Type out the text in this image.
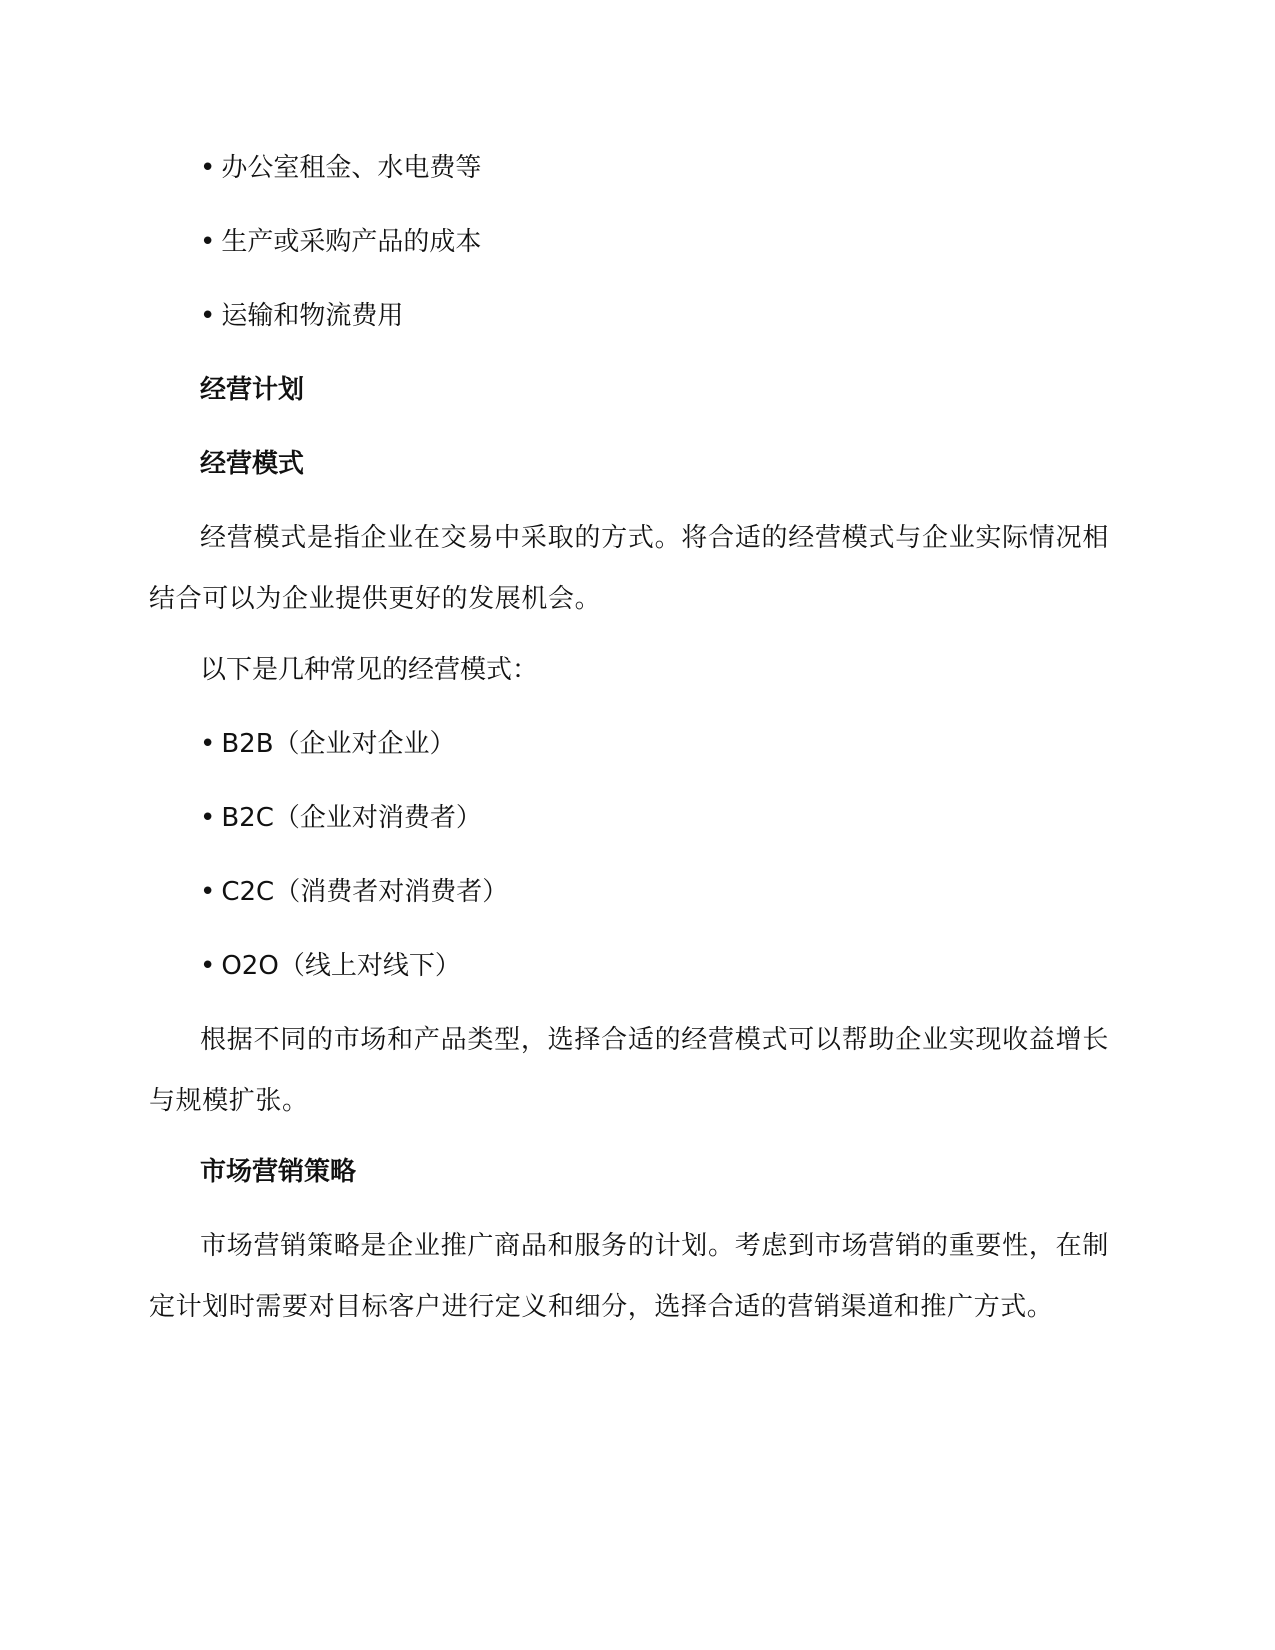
• 办公室租金、水电费等
• 生产或采购产品的成本
• 运输和物流费用
经营计划
经营模式
经营模式是指企业在交易中采取的方式。将合适的经营模式与企业实际情况相结合可以为企业提供更好的发展机会。
以下是几种常见的经营模式：
• B2B（企业对企业）
• B2C（企业对消费者）
• C2C（消费者对消费者）
• O2O（线上对线下）
根据不同的市场和产品类型，选择合适的经营模式可以帮助企业实现收益增长与规模扩张。
市场营销策略
市场营销策略是企业推广商品和服务的计划。考虑到市场营销的重要性，在制定计划时需要对目标客户进行定义和细分，选择合适的营销渠道和推广方式。
